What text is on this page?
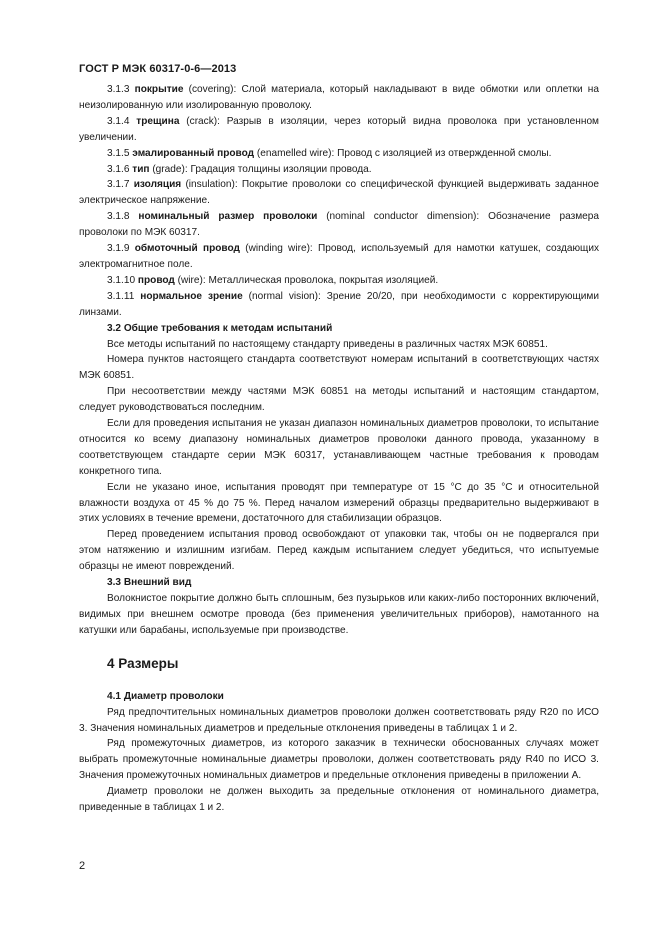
ГОСТ Р МЭК 60317-0-6—2013

3.1.3 покрытие (covering): Слой материала, который накладывают в виде обмотки или оплетки на неизолированную или изолированную проволоку.

3.1.4 трещина (crack): Разрыв в изоляции, через который видна проволока при установленном увеличении.

3.1.5 эмалированный провод (enamelled wire): Провод с изоляцией из отвержденной смолы.

3.1.6 тип (grade): Градация толщины изоляции провода.

3.1.7 изоляция (insulation): Покрытие проволоки со специфической функцией выдерживать заданное электрическое напряжение.

3.1.8 номинальный размер проволоки (nominal conductor dimension): Обозначение размера проволоки по МЭК 60317.

3.1.9 обмоточный провод (winding wire): Провод, используемый для намотки катушек, создающих электромагнитное поле.

3.1.10 провод (wire): Металлическая проволока, покрытая изоляцией.

3.1.11 нормальное зрение (normal vision): Зрение 20/20, при необходимости с корректирующими линзами.

3.2 Общие требования к методам испытаний

Все методы испытаний по настоящему стандарту приведены в различных частях МЭК 60851.

Номера пунктов настоящего стандарта соответствуют номерам испытаний в соответствующих частях МЭК 60851.

При несоответствии между частями МЭК 60851 на методы испытаний и настоящим стандартом, следует руководствоваться последним.

Если для проведения испытания не указан диапазон номинальных диаметров проволоки, то испытание относится ко всему диапазону номинальных диаметров проволоки данного провода, указанному в соответствующем стандарте серии МЭК 60317, устанавливающем частные требования к проводам конкретного типа.

Если не указано иное, испытания проводят при температуре от 15 °С до 35 °С и относительной влажности воздуха от 45 % до 75 %. Перед началом измерений образцы предварительно выдерживают в этих условиях в течение времени, достаточного для стабилизации образцов.

Перед проведением испытания провод освобождают от упаковки так, чтобы он не подвергался при этом натяжению и излишним изгибам. Перед каждым испытанием следует убедиться, что испытуемые образцы не имеют повреждений.

3.3 Внешний вид

Волокнистое покрытие должно быть сплошным, без пузырьков или каких-либо посторонних включений, видимых при внешнем осмотре провода (без применения увеличительных приборов), намотанного на катушки или барабаны, используемые при производстве.

4 Размеры

4.1 Диаметр проволоки

Ряд предпочтительных номинальных диаметров проволоки должен соответствовать ряду R20 по ИСО 3. Значения номинальных диаметров и предельные отклонения приведены в таблицах 1 и 2.

Ряд промежуточных диаметров, из которого заказчик в технически обоснованных случаях может выбрать промежуточные номинальные диаметры проволоки, должен соответствовать ряду R40 по ИСО 3. Значения промежуточных номинальных диаметров и предельные отклонения приведены в приложении А.

Диаметр проволоки не должен выходить за предельные отклонения от номинального диаметра, приведенные в таблицах 1 и 2.

2
